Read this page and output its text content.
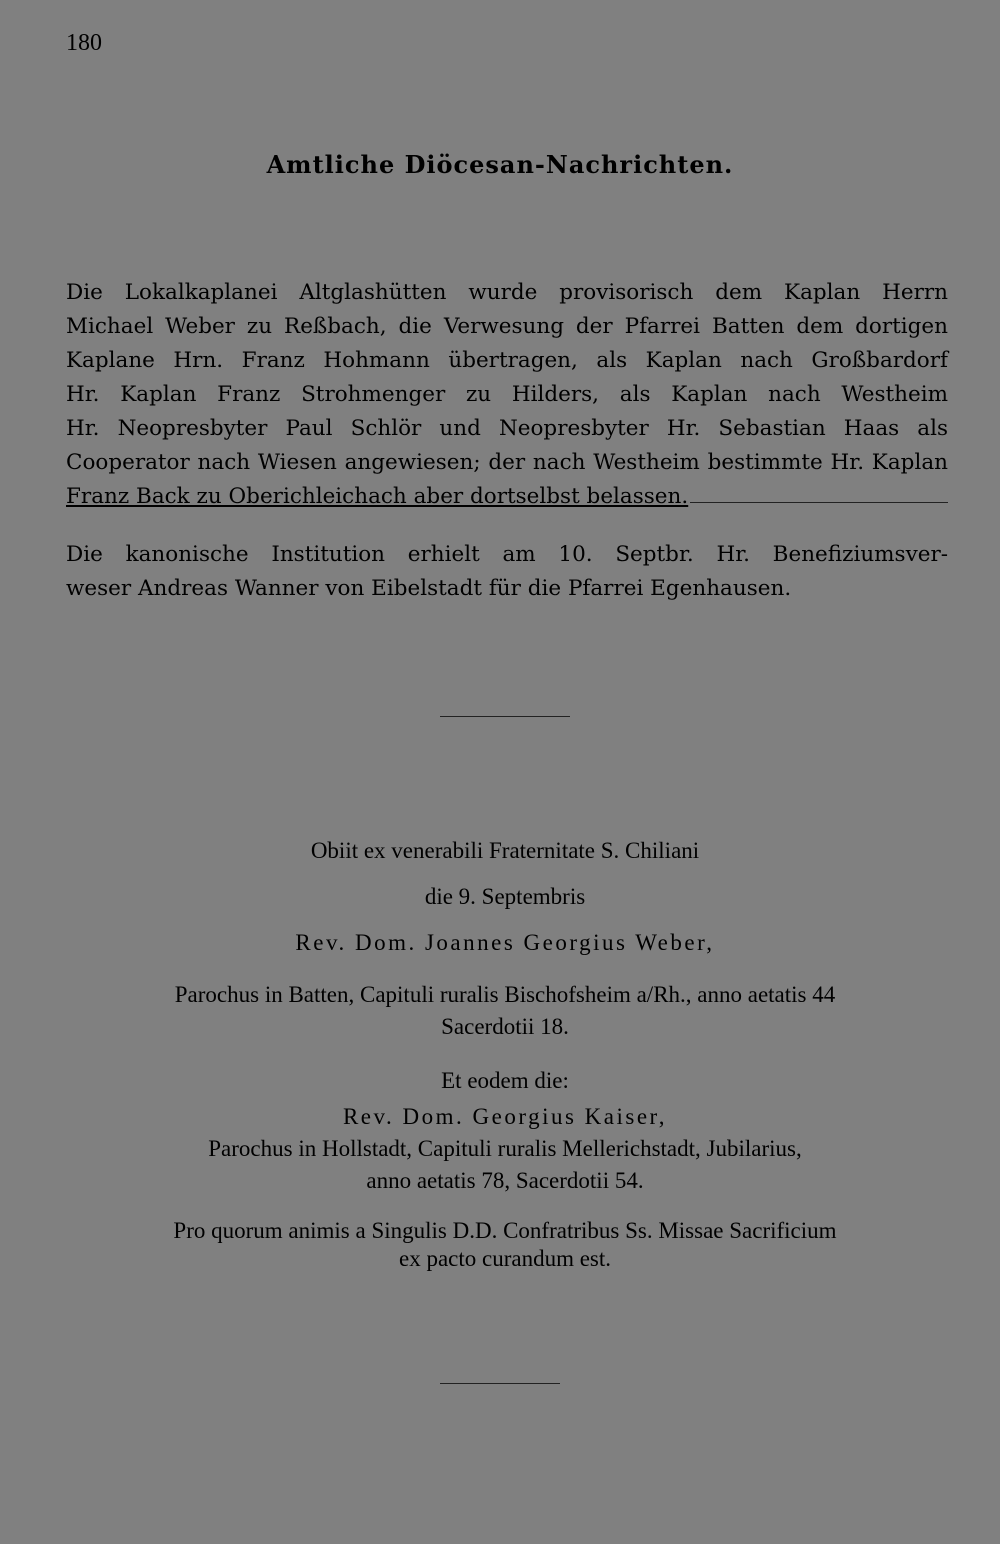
180
Amtliche Diöcesan-Nachrichten.
Die Lokalkaplanei Altglashütten wurde provisorisch dem Kaplan Herrn
Michael Weber zu Reßbach, die Verwesung der Pfarrei Batten dem dortigen
Kaplane Hrn. Franz Hohmann übertragen, als Kaplan nach Großbardorf
Hr. Kaplan Franz Strohmenger zu Hilders, als Kaplan nach Westheim
Hr. Neopresbyter Paul Schlör und Neopresbyter Hr. Sebastian Haas als
Cooperator nach Wiesen angewiesen; der nach Westheim bestimmte Hr. Kaplan
Franz Back zu Oberichleichach aber dortselbst belassen.
Die kanonische Institution erhielt am 10. Septbr. Hr. Benefiziumsver-
weser Andreas Wanner von Eibelstadt für die Pfarrei Egenhausen.
Obiit ex venerabili Fraternitate S. Chiliani
die 9. Septembris
Rev. Dom. Joannes Georgius Weber,
Parochus in Batten, Capituli ruralis Bischofsheim a/Rh., anno aetatis 44
Sacerdotii 18.
Et eodem die:
Rev. Dom. Georgius Kaiser,
Parochus in Hollstadt, Capituli ruralis Mellerichstadt, Jubilarius,
anno aetatis 78, Sacerdotii 54.
Pro quorum animis a Singulis D.D. Confratribus Ss. Missae Sacrificium
ex pacto curandum est.
